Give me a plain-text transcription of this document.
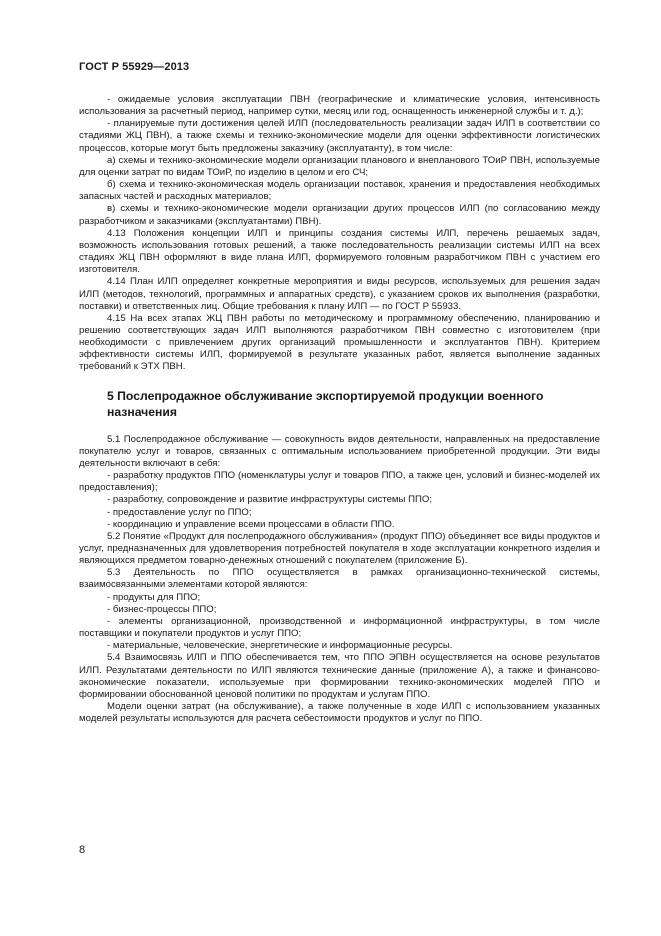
ГОСТ Р 55929—2013

- ожидаемые условия эксплуатации ПВН (географические и климатические условия, интенсивность использования за расчетный период, например сутки, месяц или год, оснащенность инженерной службы и т. д.);

- планируемые пути достижения целей ИЛП (последовательность реализации задач ИЛП в соответствии со стадиями ЖЦ ПВН), а также схемы и технико-экономические модели для оценки эффективности логистических процессов, которые могут быть предложены заказчику (эксплуатанту), в том числе:

а) схемы и технико-экономические модели организации планового и внепланового ТОиР ПВН, используемые для оценки затрат по видам ТОиР, по изделию в целом и его СЧ;

б) схема и технико-экономическая модель организации поставок, хранения и предоставления необходимых запасных частей и расходных материалов;

в) схемы и технико-экономические модели организации других процессов ИЛП (по согласованию между разработчиком и заказчиками (эксплуатантами) ПВН).

4.13 Положения концепции ИЛП и принципы создания системы ИЛП, перечень решаемых задач, возможность использования готовых решений, а также последовательность реализации системы ИЛП на всех стадиях ЖЦ ПВН оформляют в виде плана ИЛП, формируемого головным разработчиком ПВН с участием его изготовителя.

4.14 План ИЛП определяет конкретные мероприятия и виды ресурсов, используемых для решения задач ИЛП (методов, технологий, программных и аппаратных средств), с указанием сроков их выполнения (разработки, поставки) и ответственных лиц. Общие требования к плану ИЛП — по ГОСТ Р 55933.

4.15 На всех этапах ЖЦ ПВН работы по методическому и программному обеспечению, планированию и решению соответствующих задач ИЛП выполняются разработчиком ПВН совместно с изготовителем (при необходимости с привлечением других организаций промышленности и эксплуатантов ПВН). Критерием эффективности системы ИЛП, формируемой в результате указанных работ, является выполнение заданных требований к ЭТХ ПВН.

5 Послепродажное обслуживание экспортируемой продукции военного назначения

5.1 Послепродажное обслуживание — совокупность видов деятельности, направленных на предоставление покупателю услуг и товаров, связанных с оптимальным использованием приобретенной продукции. Эти виды деятельности включают в себя:

- разработку продуктов ППО (номенклатуры услуг и товаров ППО, а также цен, условий и бизнес-моделей их предоставления);

- разработку, сопровождение и развитие инфраструктуры системы ППО;

- предоставление услуг по ППО;

- координацию и управление всеми процессами в области ППО.

5.2 Понятие «Продукт для послепродажного обслуживания» (продукт ППО) объединяет все виды продуктов и услуг, предназначенных для удовлетворения потребностей покупателя в ходе эксплуатации конкретного изделия и являющихся предметом товарно-денежных отношений с покупателем (приложение Б).

5.3 Деятельность по ППО осуществляется в рамках организационно-технической системы, взаимосвязанными элементами которой являются:

- продукты для ППО;

- бизнес-процессы ППО;

- элементы организационной, производственной и информационной инфраструктуры, в том числе поставщики и покупатели продуктов и услуг ППО;

- материальные, человеческие, энергетические и информационные ресурсы.

5.4 Взаимосвязь ИЛП и ППО обеспечивается тем, что ППО ЭПВН осуществляется на основе результатов ИЛП. Результатами деятельности по ИЛП являются технические данные (приложение А), а также и финансово-экономические показатели, используемые при формировании технико-экономических моделей ППО и формировании обоснованной ценовой политики по продуктам и услугам ППО.

Модели оценки затрат (на обслуживание), а также полученные в ходе ИЛП с использованием указанных моделей результаты используются для расчета себестоимости продуктов и услуг по ППО.

8
